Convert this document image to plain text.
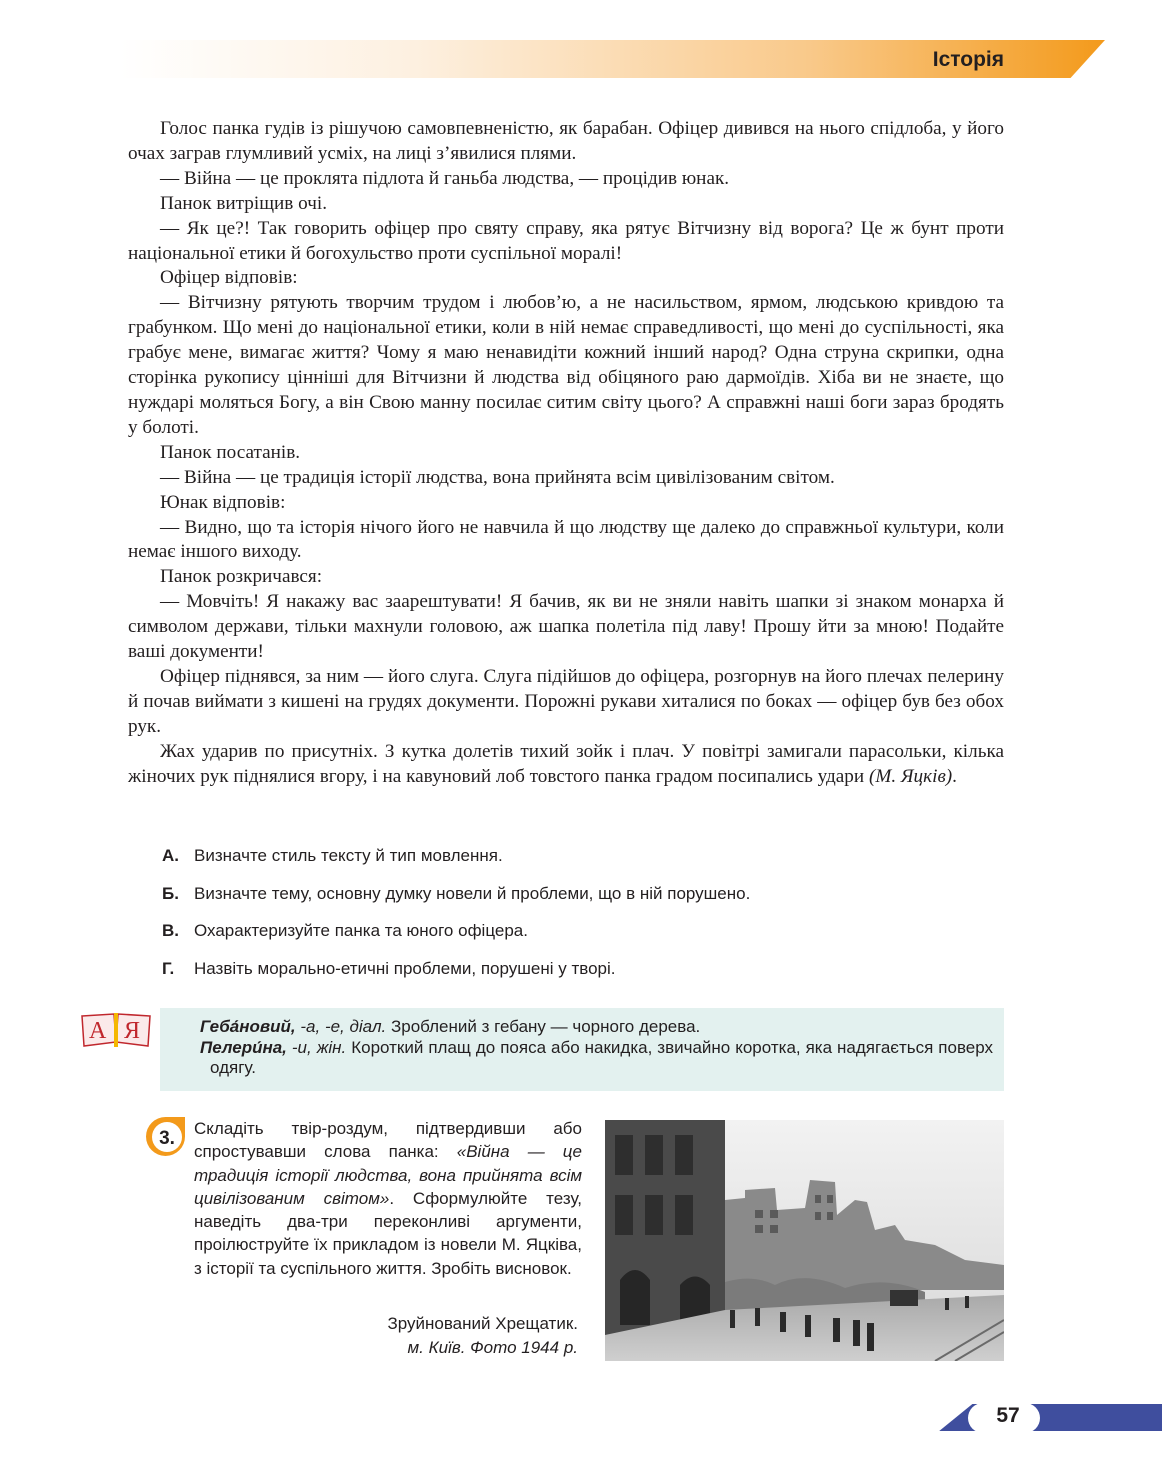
Історія

Голос панка гудів із рішучою самовпевненістю, як барабан. Офіцер дивився на нього спідлоба, у його очах заграв глумливий усміх, на лиці з’явилися плями.

— Війна — це проклята підлота й ганьба людства, — процідив юнак.

Панок витріщив очі.

— Як це?! Так говорить офіцер про святу справу, яка рятує Вітчизну від ворога? Це ж бунт проти національної етики й богохульство проти суспільної моралі!

Офіцер відповів:

— Вітчизну рятують творчим трудом і любов’ю, а не насильством, ярмом, людською кривдою та грабунком. Що мені до національної етики, коли в ній немає справедливості, що мені до суспільності, яка грабує мене, вимагає життя? Чому я маю ненавидіти кожний інший народ? Одна струна скрипки, одна сторінка рукопису цінніші для Вітчизни й людства від обіцяного раю дармоїдів. Хіба ви не знаєте, що нуждарі моляться Богу, а він Свою манну посилає ситим світу цього? А справжні наші боги зараз бродять у болоті.

Панок посатанів.

— Війна — це традиція історії людства, вона прийнята всім цивілізованим світом.

Юнак відповів:

— Видно, що та історія нічого його не навчила й що людству ще далеко до справжньої культури, коли немає іншого виходу.

Панок розкричався:

— Мовчіть! Я накажу вас заарештувати! Я бачив, як ви не зняли навіть шапки зі знаком монарха й символом держави, тільки махнули головою, аж шапка полетіла під лаву! Прошу йти за мною! Подайте ваші документи!

Офіцер піднявся, за ним — його слуга. Слуга підійшов до офіцера, розгорнув на його плечах пелерину й почав виймати з кишені на грудях документи. Порожні рукави хиталися по боках — офіцер був без обох рук.

Жах ударив по присутніх. З кутка долетів тихий зойк і плач. У повітрі замигали парасольки, кілька жіночих рук піднялися вгору, і на кавуновий лоб товстого панка градом посипались удари (М. Яцків).

А. Визначте стиль тексту й тип мовлення.
Б. Визначте тему, основну думку новели й проблеми, що в ній порушено.
В. Охарактеризуйте панка та юного офіцера.
Г.	Назвіть морально-етичні проблеми, порушені у творі.
А Я	Геба́новий, -а, -е, діал. Зроблений з гебану — чорного дерева.

Пелери́на, -и, жін. Короткий плащ до пояса або накидка, звичайно коротка, яка надягається поверх одягу.

3. Складіть твір-роздум, підтвердивши або спростувавши слова панка: «Війна — це традиція історії людства, вона прийнята всім цивілізованим світом». Сформулюйте тезу, наведіть два-три переконливі аргументи, проілюструйте їх прикладом із новели М. Яцківа, з історії та суспільного життя. Зробіть висновок.
Зруйнований Хрещатик.
м. Київ. Фото 1944 р.
57
